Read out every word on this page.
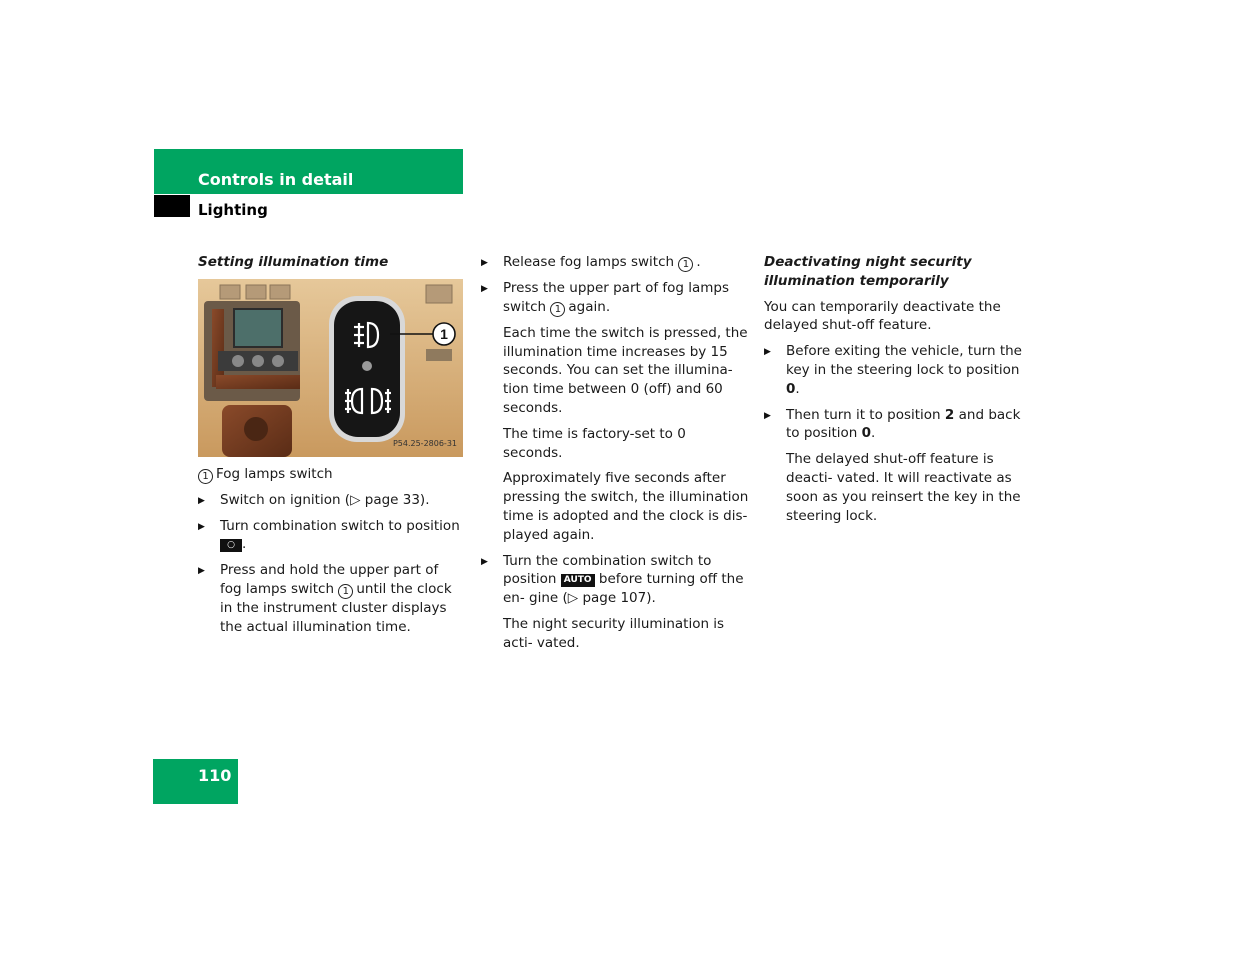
Controls in detail
Lighting
Setting illumination time
1
P54.25-2806-31

1 Fog lamps switch

▶ Switch on ignition (▷ page 33).
▶ Turn combination switch to position ○ .
▶ Press and hold the upper part of fog lamps switch 1 until the clock in the instrument cluster displays the actual illumination time.
▶ Release fog lamps switch 1 .
▶ Press the upper part of fog lamps switch 1 again.

Each time the switch is pressed, the illumination time increases by 15 seconds. You can set the illumina- tion time between 0 (off) and 60 seconds.

The time is factory-set to 0 seconds.

Approximately five seconds after pressing the switch, the illumination time is adopted and the clock is dis- played again.

▶ Turn the combination switch to position AUTO before turning off the en- gine (▷ page 107).

The night security illumination is acti- vated.

Deactivating night security illumination temporarily

You can temporarily deactivate the delayed shut-off feature.

▶ Before exiting the vehicle, turn the key in the steering lock to position 0.
▶ Then turn it to position 2 and back to position 0.

The delayed shut-off feature is deacti- vated. It will reactivate as soon as you reinsert the key in the steering lock.

110
